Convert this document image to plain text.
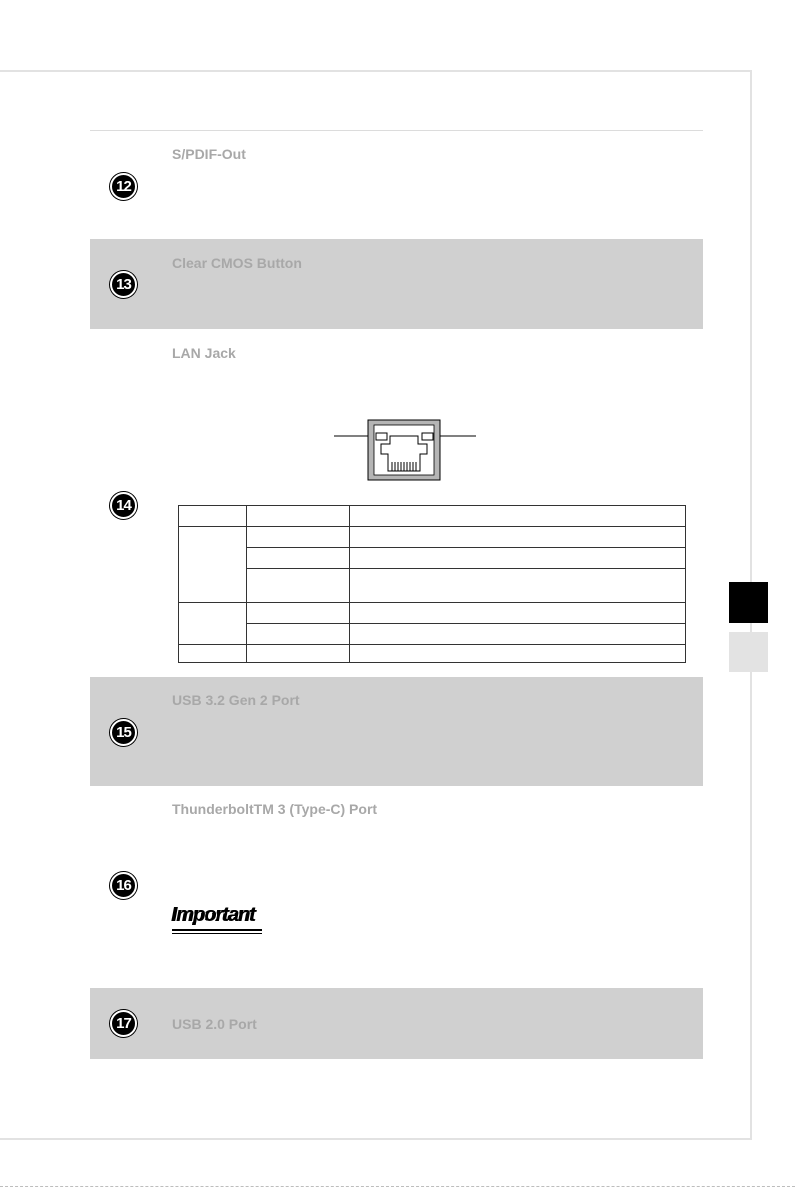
S/PDIF-Out
12
Clear CMOS Button
13
LAN Jack
14

USB 3.2 Gen 2 Port
15
ThunderboltTM 3 (Type-C) Port
16
Important
17	USB 2.0 Port
